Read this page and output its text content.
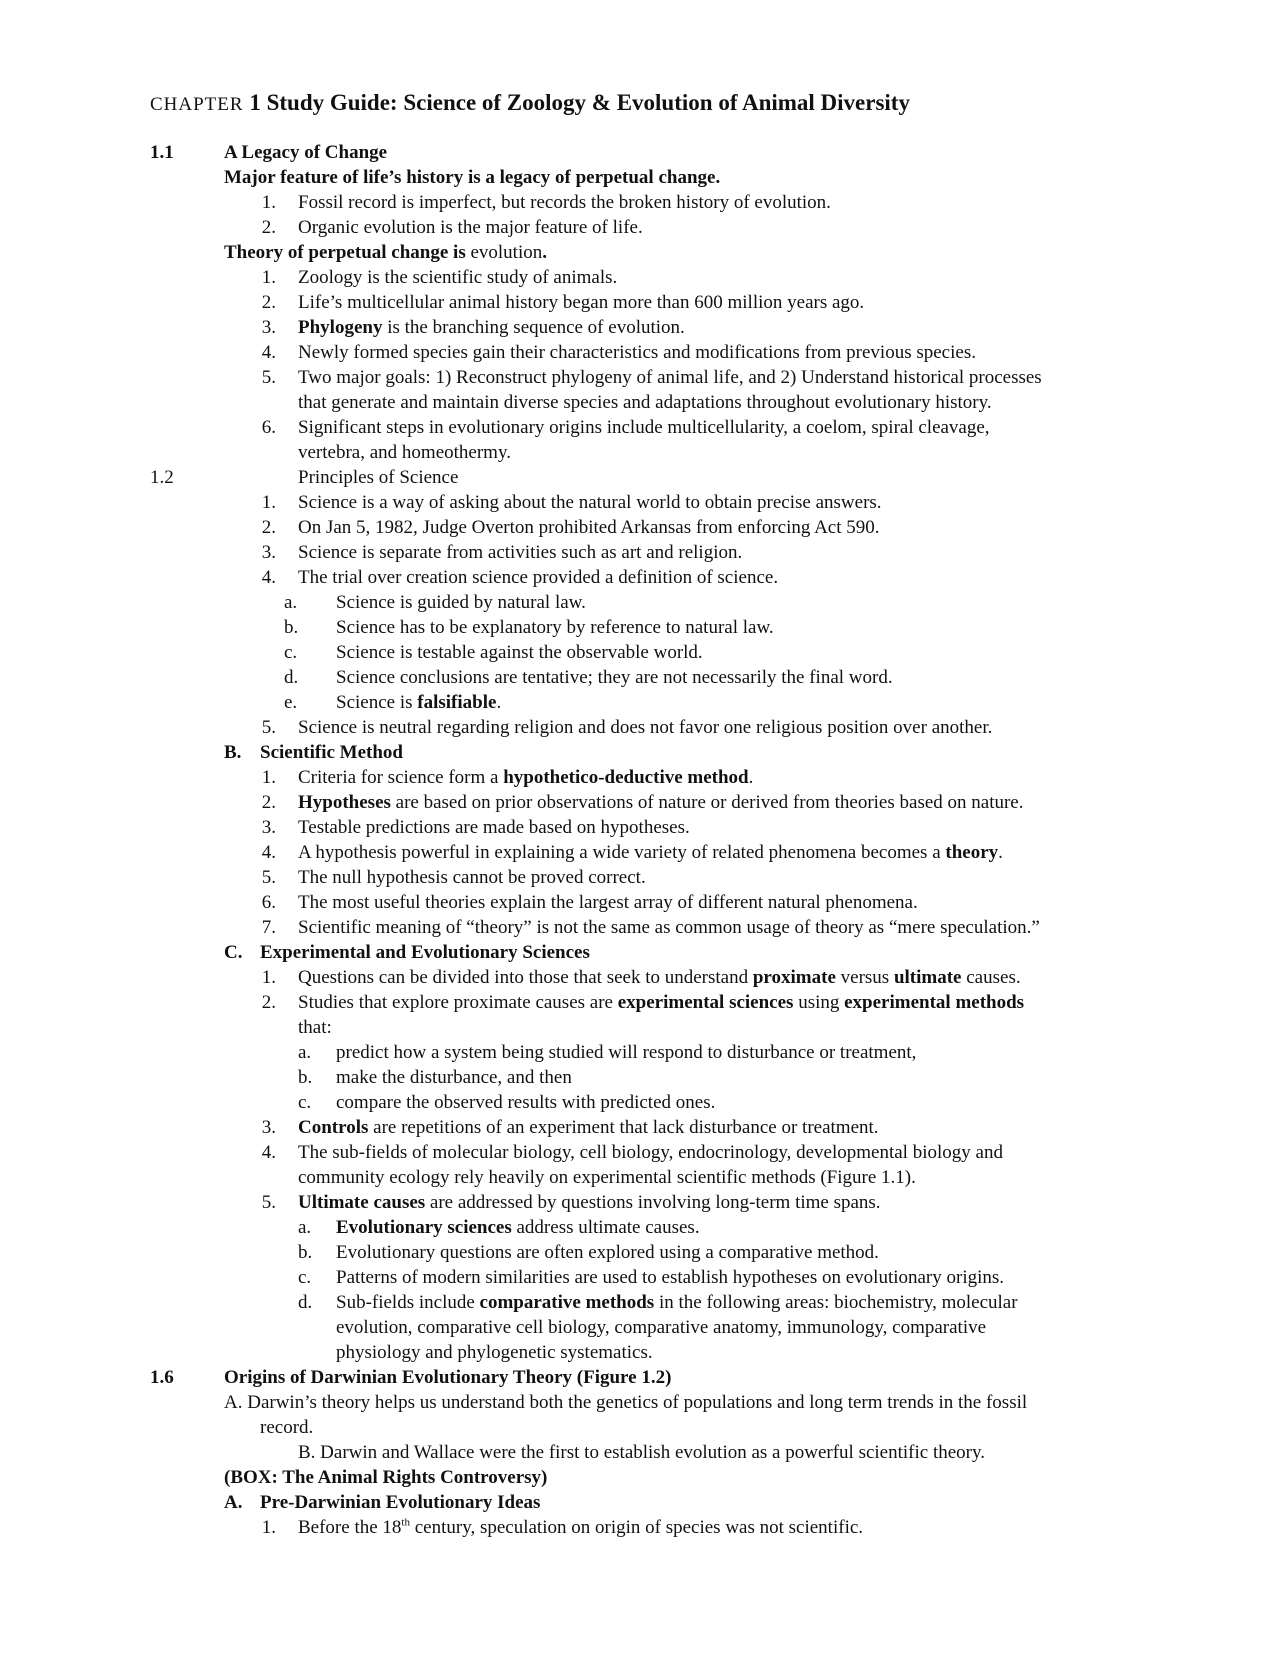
CHAPTER 1 Study Guide: Science of Zoology & Evolution of Animal Diversity
1.1	A Legacy of Change
Major feature of life’s history is a legacy of perpetual change.
1. Fossil record is imperfect, but records the broken history of evolution.
2. Organic evolution is the major feature of life.
Theory of perpetual change is evolution.
1. Zoology is the scientific study of animals.
2. Life’s multicellular animal history began more than 600 million years ago.
3. Phylogeny is the branching sequence of evolution.
4. Newly formed species gain their characteristics and modifications from previous species.
5. Two major goals: 1) Reconstruct phylogeny of animal life, and 2) Understand historical processes
that generate and maintain diverse species and adaptations throughout evolutionary history.
6. Significant steps in evolutionary origins include multicellularity, a coelom, spiral cleavage,
vertebra, and homeothermy.
1.2	Principles of Science
1. Science is a way of asking about the natural world to obtain precise answers.
2. On Jan 5, 1982, Judge Overton prohibited Arkansas from enforcing Act 590.
3. Science is separate from activities such as art and religion.
4. The trial over creation science provided a definition of science.
a.	Science is guided by natural law.
b.	Science has to be explanatory by reference to natural law.
c.	Science is testable against the observable world.
d.	Science conclusions are tentative; they are not necessarily the final word.
e.	Science is falsifiable.
5. Science is neutral regarding religion and does not favor one religious position over another.
B. Scientific Method
1. Criteria for science form a hypothetico-deductive method.
2. Hypotheses are based on prior observations of nature or derived from theories based on nature.
3. Testable predictions are made based on hypotheses.
4. A hypothesis powerful in explaining a wide variety of related phenomena becomes a theory.
5. The null hypothesis cannot be proved correct.
6. The most useful theories explain the largest array of different natural phenomena.
7. Scientific meaning of “theory” is not the same as common usage of theory as “mere speculation.”
C. Experimental and Evolutionary Sciences
1. Questions can be divided into those that seek to understand proximate versus ultimate causes.
2. Studies that explore proximate causes are experimental sciences using experimental methods
that:
a.	predict how a system being studied will respond to disturbance or treatment,
b.	make the disturbance, and then
c.	compare the observed results with predicted ones.
3. Controls are repetitions of an experiment that lack disturbance or treatment.
4. The sub-fields of molecular biology, cell biology, endocrinology, developmental biology and
community ecology rely heavily on experimental scientific methods (Figure 1.1).
5. Ultimate causes are addressed by questions involving long-term time spans.
a.	Evolutionary sciences address ultimate causes.
b.	Evolutionary questions are often explored using a comparative method.
c.	Patterns of modern similarities are used to establish hypotheses on evolutionary origins.
d.	Sub-fields include comparative methods in the following areas: biochemistry, molecular
evolution, comparative cell biology, comparative anatomy, immunology, comparative
physiology and phylogenetic systematics.
1.6	Origins of Darwinian Evolutionary Theory (Figure 1.2)
A. Darwin’s theory helps us understand both the genetics of populations and long term trends in the fossil
record.
B. Darwin and Wallace were the first to establish evolution as a powerful scientific theory.
(BOX: The Animal Rights Controversy)
A. Pre-Darwinian Evolutionary Ideas
1. Before the 18th century, speculation on origin of species was not scientific.
